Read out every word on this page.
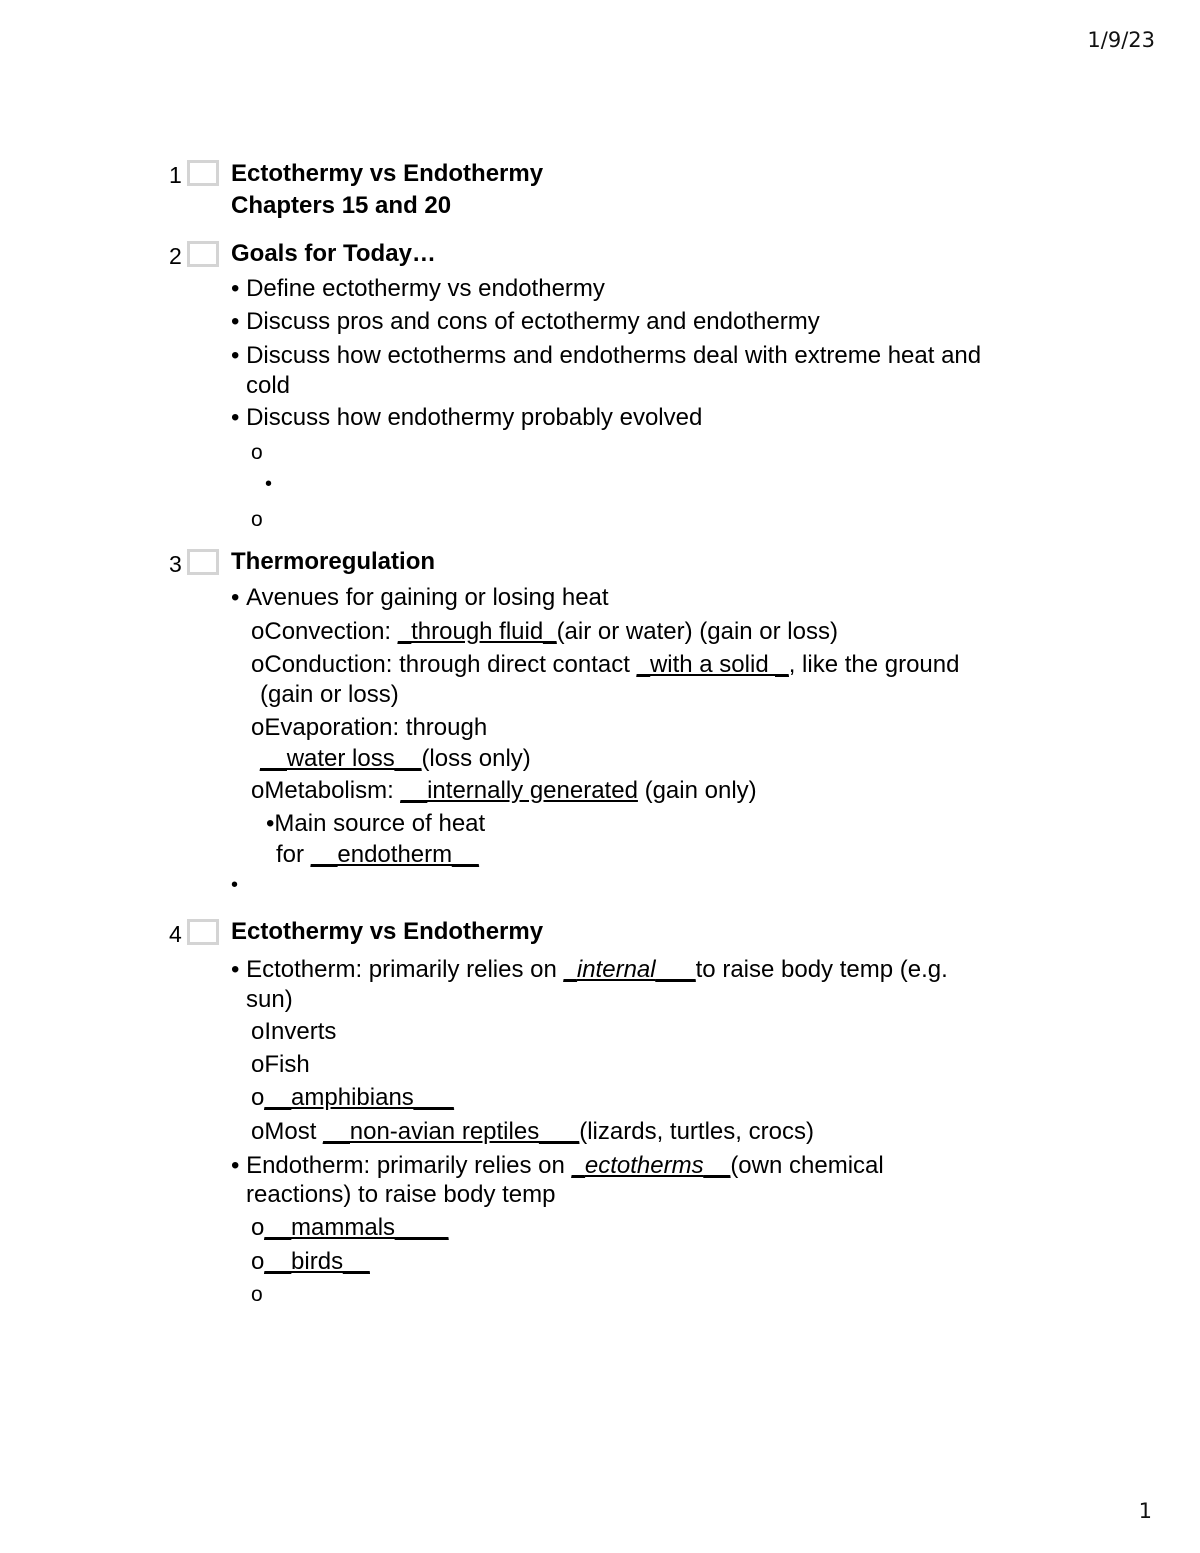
1/9/23
1 Ectothermy vs Endothermy
Chapters 15 and 20
2 Goals for Today…
• Define ectothermy vs endothermy
• Discuss pros and cons of ectothermy and endothermy
• Discuss how ectotherms and endotherms deal with extreme heat and
cold
• Discuss how endothermy probably evolved
o
•
o
3 Thermoregulation
• Avenues for gaining or losing heat
oConvection: _through fluid_(air or water) (gain or loss)
oConduction: through direct contact _with a solid _, like the ground
(gain or loss)
oEvaporation: through
__water loss__(loss only)
oMetabolism: __internally generated (gain only)
•Main source of heat
for __endotherm__
•
4 Ectothermy vs Endothermy
• Ectotherm: primarily relies on _internal___to raise body temp (e.g.
sun)
oInverts
oFish
o__amphibians___
oMost __non-avian reptiles___(lizards, turtles, crocs)
• Endotherm: primarily relies on _ectotherms__(own chemical
reactions) to raise body temp
o__mammals____
o__birds__
o
1
